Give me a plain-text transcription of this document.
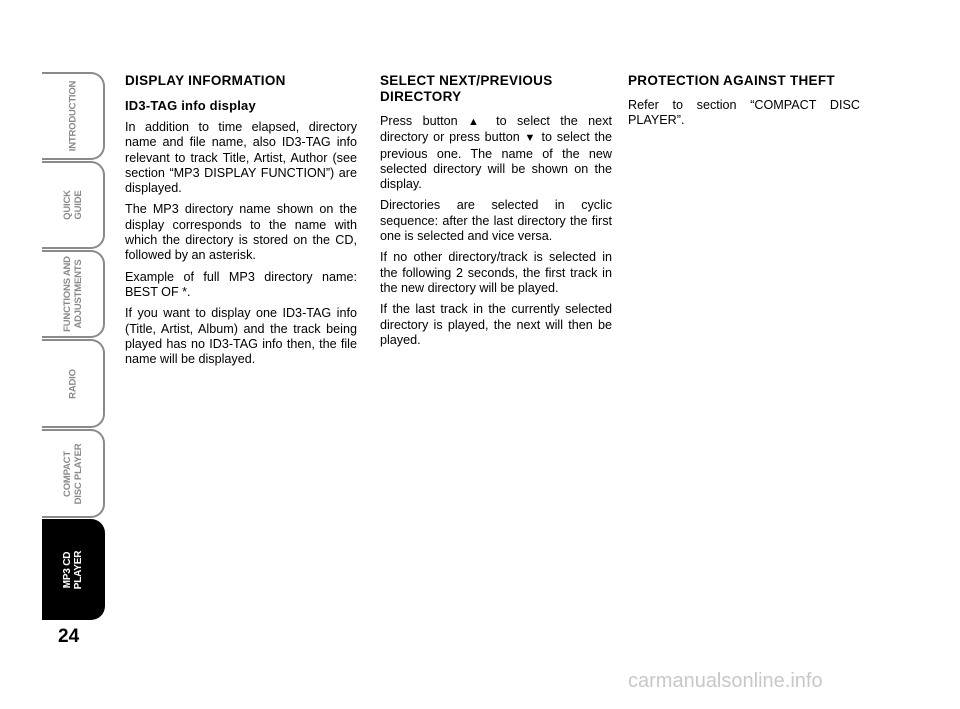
INTRODUCTION
QUICK
GUIDE
FUNCTIONS AND
ADJUSTMENTS
RADIO
COMPACT
DISC PLAYER
MP3 CD
PLAYER
24
DISPLAY INFORMATION
ID3-TAG info display

In addition to time elapsed, directory name and file name, also ID3-TAG info relevant to track Title, Artist, Author (see section “MP3 DISPLAY FUNCTION”) are displayed.

The MP3 directory name shown on the display corresponds to the name with which the directory is stored on the CD, followed by an asterisk.

Example of full MP3 directory name: BEST OF *.

If you want to display one ID3-TAG info (Title, Artist, Album) and the track being played has no ID3-TAG info then, the file name will be displayed.

SELECT NEXT/PREVIOUS DIRECTORY

Press button ▲ to select the next directory or press button ▼ to select the previous one. The name of the new selected directory will be shown on the display.

Directories are selected in cyclic sequence: after the last directory the first one is selected and vice versa.

If no other directory/track is selected in the following 2 seconds, the first track in the new directory will be played.

If the last track in the currently selected directory is played, the next will then be played.

PROTECTION AGAINST THEFT

Refer to section “COMPACT DISC PLAYER”.

carmanualsonline.info
